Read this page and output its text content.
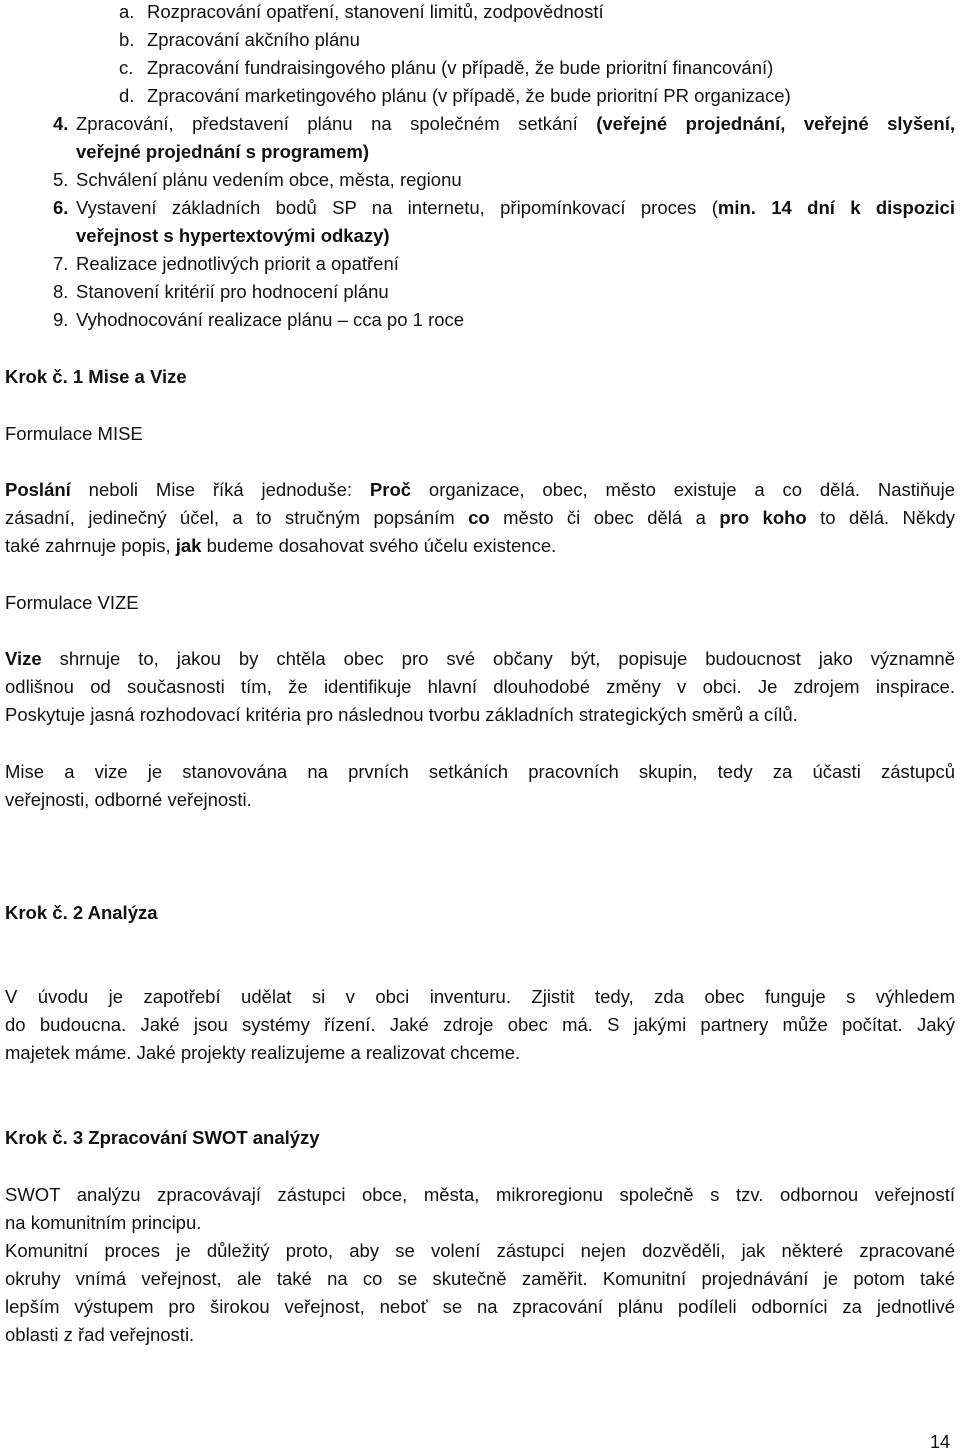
a. Rozpracování opatření, stanovení limitů, zodpovědností
b. Zpracování akčního plánu
c. Zpracování fundraisingového plánu (v případě, že bude prioritní financování)
d. Zpracování marketingového plánu (v případě, že bude prioritní PR organizace)
4. Zpracování, představení plánu na společném setkání (veřejné projednání, veřejné slyšení,
veřejné projednání s programem)
5. Schválení plánu vedením obce, města, regionu
6. Vystavení základních bodů SP na internetu, připomínkovací proces (min. 14 dní k dispozici
veřejnost s hypertextovými odkazy)
7. Realizace jednotlivých priorit a opatření
8. Stanovení kritérií pro hodnocení plánu
9. Vyhodnocování realizace plánu – cca po 1 roce
Krok č. 1 Mise a Vize
Formulace MISE
Poslání neboli Mise říká jednoduše: Proč organizace, obec, město existuje a co dělá. Nastiňuje
zásadní, jedinečný účel, a to stručným popsáním co město či obec dělá a pro koho to dělá. Někdy
také zahrnuje popis, jak budeme dosahovat svého účelu existence.
Formulace VIZE
Vize shrnuje to, jakou by chtěla obec pro své občany být, popisuje budoucnost jako významně
odlišnou od současnosti tím, že identifikuje hlavní dlouhodobé změny v obci. Je zdrojem inspirace.
Poskytuje jasná rozhodovací kritéria pro následnou tvorbu základních strategických směrů a cílů.
Mise a vize je stanovována na prvních setkáních pracovních skupin, tedy za účasti zástupců
veřejnosti, odborné veřejnosti.
Krok č. 2 Analýza
V úvodu je zapotřebí udělat si v obci inventuru. Zjistit tedy, zda obec funguje s výhledem
do budoucna. Jaké jsou systémy řízení. Jaké zdroje obec má. S jakými partnery může počítat. Jaký
majetek máme. Jaké projekty realizujeme a realizovat chceme.
Krok č. 3 Zpracování SWOT analýzy
SWOT analýzu zpracovávají zástupci obce, města, mikroregionu společně s tzv. odbornou veřejností
na komunitním principu.
Komunitní proces je důležitý proto, aby se volení zástupci nejen dozvěděli, jak některé zpracované
okruhy vnímá veřejnost, ale také na co se skutečně zaměřit. Komunitní projednávání je potom také
lepším výstupem pro širokou veřejnost, neboť se na zpracování plánu podíleli odborníci za jednotlivé
oblasti z řad veřejnosti.
14
